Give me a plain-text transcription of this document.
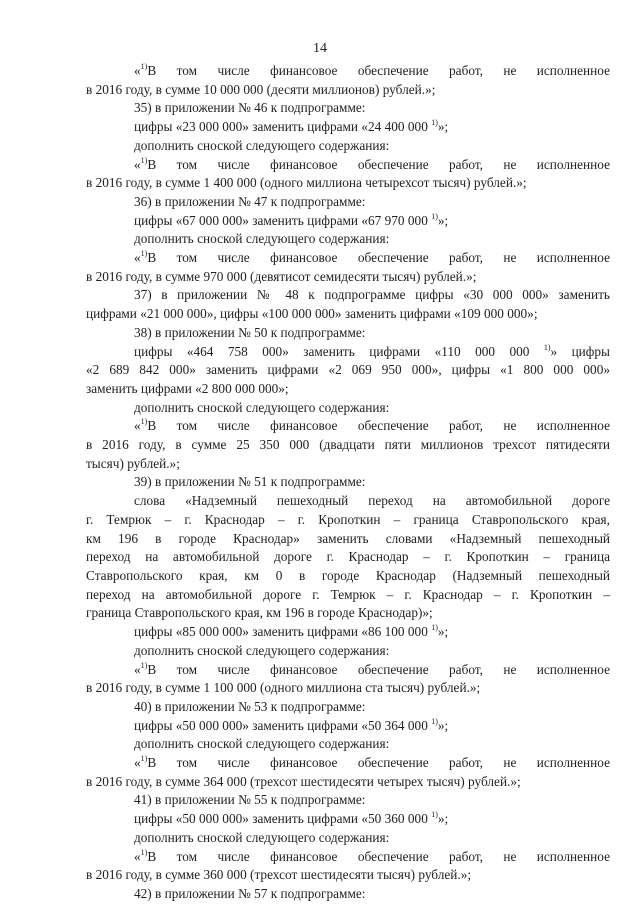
14

«$^{1)}$В том числе финансовое обеспечение работ, не исполненное

в 2016 году, в сумме 10 000 000 (десяти миллионов) рублей.»;

35) в приложении № 46 к подпрограмме:

цифры «23 000 000» заменить цифрами «24 400 000 $^{1)}$»;

дополнить сноской следующего содержания:

«$^{1)}$В том числе финансовое обеспечение работ, не исполненное

в 2016 году, в сумме 1 400 000 (одного миллиона четырехсот тысяч) рублей.»;

36) в приложении № 47 к подпрограмме:

цифры «67 000 000» заменить цифрами «67 970 000 $^{1)}$»;

дополнить сноской следующего содержания:

«$^{1)}$В том числе финансовое обеспечение работ, не исполненное

в 2016 году, в сумме 970 000 (девятисот семидесяти тысяч) рублей.»;

37) в приложении № 48 к подпрограмме цифры «30 000 000» заменить

цифрами «21 000 000», цифры «100 000 000» заменить цифрами «109 000 000»;

38) в приложении № 50 к подпрограмме:

цифры «464 758 000» заменить цифрами «110 000 000 $^{1)}$» цифры

«2 689 842 000» заменить цифрами «2 069 950 000», цифры «1 800 000 000»

заменить цифрами «2 800 000 000»;

дополнить сноской следующего содержания:

«$^{1)}$В том числе финансовое обеспечение работ, не исполненное

в 2016 году, в сумме 25 350 000 (двадцати пяти миллионов трехсот пятидесяти

тысяч) рублей.»;

39) в приложении № 51 к подпрограмме:

слова «Надземный пешеходный переход на автомобильной дороге

г. Темрюк – г. Краснодар – г. Кропоткин – граница Ставропольского края,

км 196 в городе Краснодар» заменить словами «Надземный пешеходный

переход на автомобильной дороге г. Краснодар – г. Кропоткин – граница

Ставропольского края, км 0 в городе Краснодар (Надземный пешеходный

переход на автомобильной дороге г. Темрюк – г. Краснодар – г. Кропоткин –

граница Ставропольского края, км 196 в городе Краснодар)»;

цифры «85 000 000» заменить цифрами «86 100 000 $^{1)}$»;

дополнить сноской следующего содержания:

«$^{1)}$В том числе финансовое обеспечение работ, не исполненное

в 2016 году, в сумме 1 100 000 (одного миллиона ста тысяч) рублей.»;

40) в приложении № 53 к подпрограмме:

цифры «50 000 000» заменить цифрами «50 364 000 $^{1)}$»;

дополнить сноской следующего содержания:

«$^{1)}$В том числе финансовое обеспечение работ, не исполненное

в 2016 году, в сумме 364 000 (трехсот шестидесяти четырех тысяч) рублей.»;

41) в приложении № 55 к подпрограмме:

цифры «50 000 000» заменить цифрами «50 360 000 $^{1)}$»;

дополнить сноской следующего содержания:

«$^{1)}$В том числе финансовое обеспечение работ, не исполненное

в 2016 году, в сумме 360 000 (трехсот шестидесяти тысяч) рублей.»;

42) в приложении № 57 к подпрограмме:
